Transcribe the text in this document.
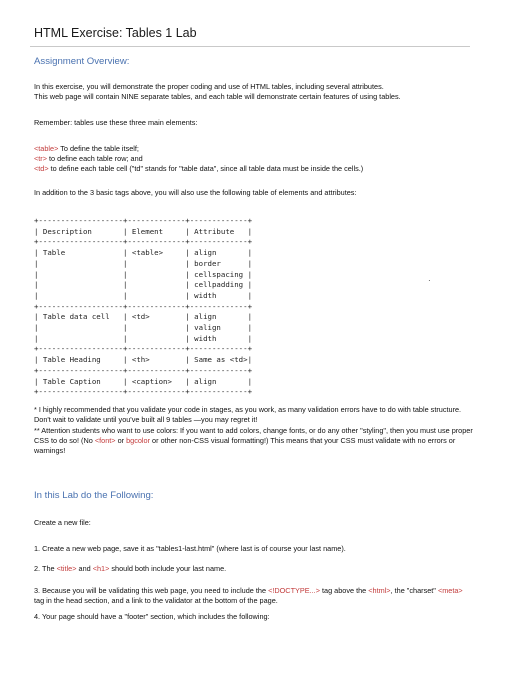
HTML Exercise: Tables 1 Lab
Assignment Overview:
In this exercise, you will demonstrate the proper coding and use of HTML tables, including several attributes.
This web page will contain NINE separate tables, and each table will demonstrate certain features of using tables.
Remember: tables use these three main elements:
<table> To define the table itself;
<tr> to define each table row; and
<td> to define each table cell ("td" stands for "table data", since all table data must be inside the cells.)
In addition to the 3 basic tags above, you will also use the following table of elements and attributes:
+-------------------+-------------+-------------+
| Description       | Element     | Attribute   |
+-------------------+-------------+-------------+
| Table             | <table>     | align       |
|                   |             | border      |
|                   |             | cellspacing |
|                   |             | cellpadding |
|                   |             | width       |
+-------------------+-------------+-------------+
| Table data cell   | <td>        | align       |
|                   |             | valign      |
|                   |             | width       |
+-------------------+-------------+-------------+
| Table Heading     | <th>        | Same as <td>|
+-------------------+-------------+-------------+
| Table Caption     | <caption>   | align       |
+-------------------+-------------+-------------+
·
* I highly recommended that you validate your code in stages, as you work, as many validation errors have to do with table structure. Don't wait to validate until you've built all 9 tables —you may regret it!
** Attention students who want to use colors: If you want to add colors, change fonts, or do any other "styling", then you must use proper CSS to do so! (No <font> or bgcolor or other non-CSS visual formatting!) This means that your CSS must validate with no errors or warnings!
In this Lab do the Following:
Create a new file:
1. Create a new web page, save it as "tables1-last.html" (where last is of course your last name).
2. The <title> and <h1> should both include your last name.
3. Because you will be validating this web page, you need to include the <!DOCTYPE...> tag above the <html>, the "charset" <meta> tag in the head section, and a link to the validator at the bottom of the page.
4. Your page should have a "footer" section, which includes the following:
